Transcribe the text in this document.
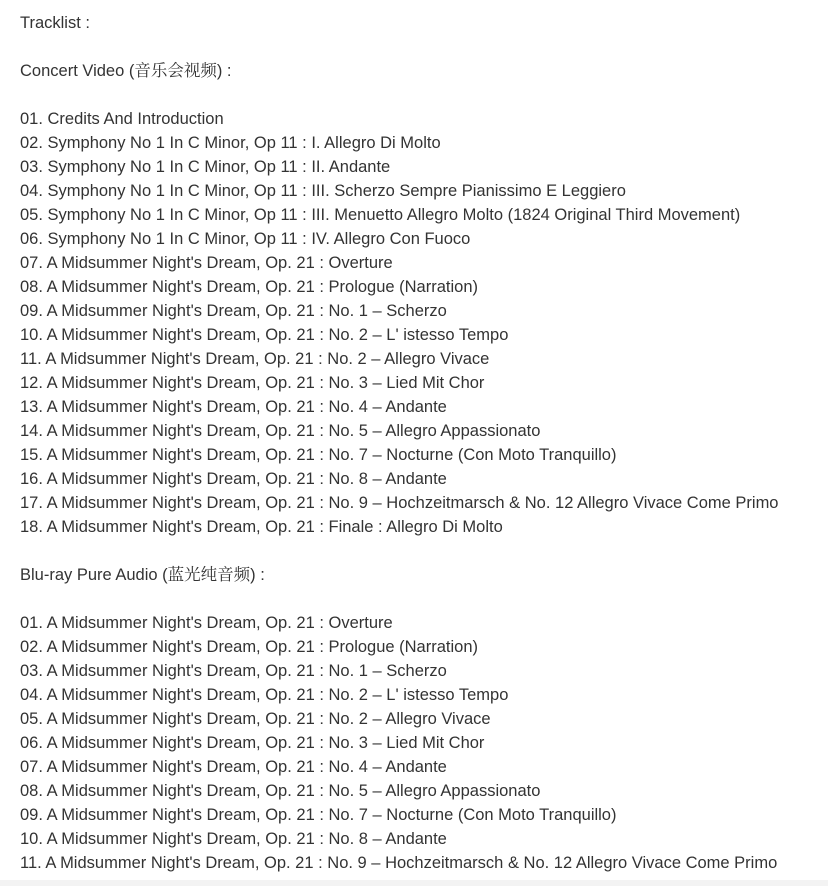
Tracklist :
Concert Video (音乐会视频) :
01. Credits And Introduction
02. Symphony No 1 In C Minor, Op 11 : I. Allegro Di Molto
03. Symphony No 1 In C Minor, Op 11 : II. Andante
04. Symphony No 1 In C Minor, Op 11 : III. Scherzo Sempre Pianissimo E Leggiero
05. Symphony No 1 In C Minor, Op 11 : III. Menuetto Allegro Molto (1824 Original Third Movement)
06. Symphony No 1 In C Minor, Op 11 : IV. Allegro Con Fuoco
07. A Midsummer Night's Dream, Op. 21 : Overture
08. A Midsummer Night's Dream, Op. 21 : Prologue (Narration)
09. A Midsummer Night's Dream, Op. 21 : No. 1 – Scherzo
10. A Midsummer Night's Dream, Op. 21 : No. 2 – L' istesso Tempo
11. A Midsummer Night's Dream, Op. 21 : No. 2 – Allegro Vivace
12. A Midsummer Night's Dream, Op. 21 : No. 3 – Lied Mit Chor
13. A Midsummer Night's Dream, Op. 21 : No. 4 – Andante
14. A Midsummer Night's Dream, Op. 21 : No. 5 – Allegro Appassionato
15. A Midsummer Night's Dream, Op. 21 : No. 7 – Nocturne (Con Moto Tranquillo)
16. A Midsummer Night's Dream, Op. 21 : No. 8 – Andante
17. A Midsummer Night's Dream, Op. 21 : No. 9 – Hochzeitmarsch & No. 12 Allegro Vivace Come Primo
18. A Midsummer Night's Dream, Op. 21 : Finale : Allegro Di Molto
Blu-ray Pure Audio (蓝光纯音频) :
01. A Midsummer Night's Dream, Op. 21 : Overture
02. A Midsummer Night's Dream, Op. 21 : Prologue (Narration)
03. A Midsummer Night's Dream, Op. 21 : No. 1 – Scherzo
04. A Midsummer Night's Dream, Op. 21 : No. 2 – L' istesso Tempo
05. A Midsummer Night's Dream, Op. 21 : No. 2 – Allegro Vivace
06. A Midsummer Night's Dream, Op. 21 : No. 3 – Lied Mit Chor
07. A Midsummer Night's Dream, Op. 21 : No. 4 – Andante
08. A Midsummer Night's Dream, Op. 21 : No. 5 – Allegro Appassionato
09. A Midsummer Night's Dream, Op. 21 : No. 7 – Nocturne (Con Moto Tranquillo)
10. A Midsummer Night's Dream, Op. 21 : No. 8 – Andante
11. A Midsummer Night's Dream, Op. 21 : No. 9 – Hochzeitmarsch & No. 12 Allegro Vivace Come Primo
